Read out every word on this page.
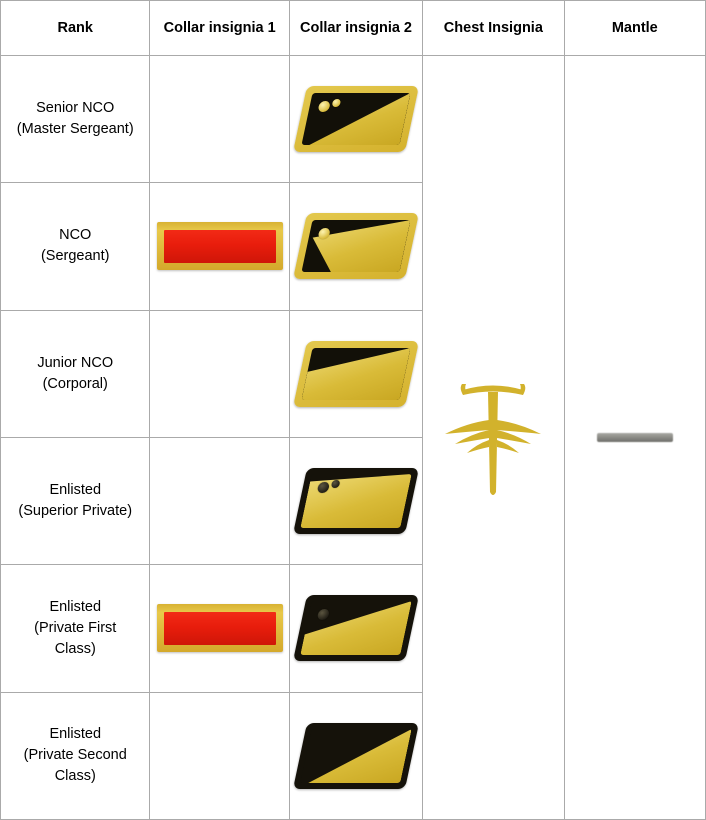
Rank	Collar insignia 1	Collar insignia 2	Chest Insignia	Mantle

Senior NCO
(Master Sergeant)

NCO
(Sergeant)				

Junior NCO
(Corporal)				

Enlisted
(Superior Private)				

Enlisted
(Private First
Class)				

Enlisted
(Private Second
Class)				
